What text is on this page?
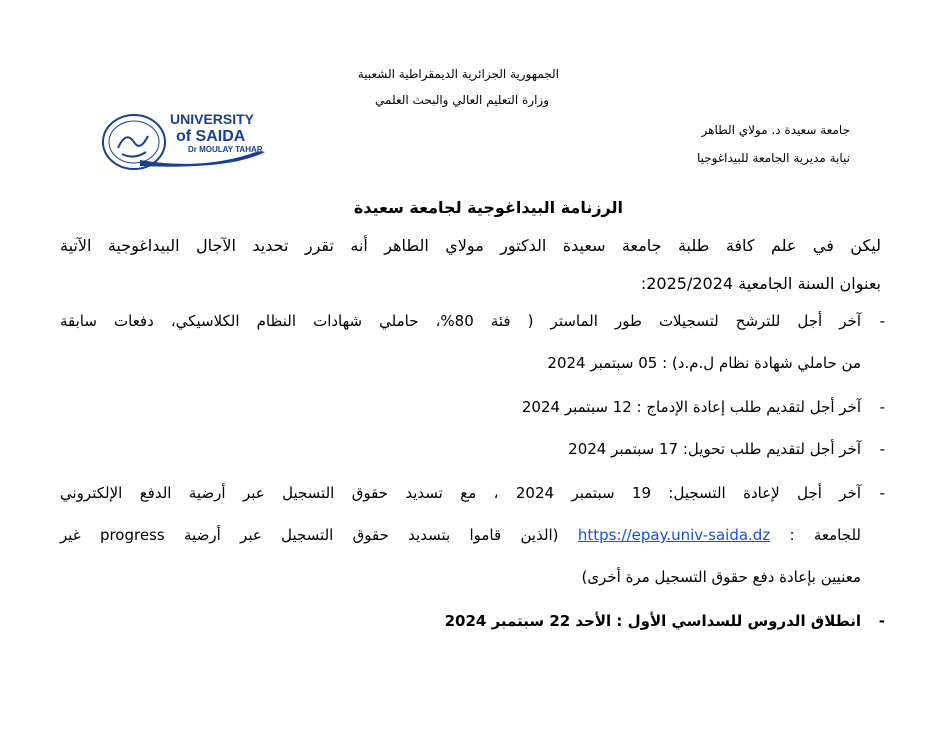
الجمهورية الجزائرية الديمقراطية الشعبية
وزارة التعليم العالي والبحث العلمي
جامعة سعيدة د. مولاي الطاهر
نيابة مديرية الجامعة للبيداغوجيا
UNIVERSITY
of SAIDA
Dr MOULAY TAHAR
الرزنامة البيداغوجية لجامعة سعيدة
ليكن في علم كافة طلبة جامعة سعيدة الدكتور مولاي الطاهر أنه تقرر تحديد الآجال البيداغوجية الآتية
بعنوان السنة الجامعية 2025/2024:
-
آخر أجل للترشح لتسجيلات طور الماستر ( فئة 80%، حاملي شهادات النظام الكلاسيكي، دفعات سابقة
من حاملي شهادة نظام ل.م.د) : 05 سبتمبر 2024
-
آخر أجل لتقديم طلب إعادة الإدماج : 12 سبتمبر 2024
-
آخر أجل لتقديم طلب تحويل: 17 سبتمبر 2024
-
آخر أجل لإعادة التسجيل: 19 سبتمبر 2024 ، مع تسديد حقوق التسجيل عبر أرضية الدفع الإلكتروني
للجامعة : https://epay.univ-saida.dz (الذين قاموا بتسديد حقوق التسجيل عبر أرضية progress غير
معنيين بإعادة دفع حقوق التسجيل مرة أخرى)
-
انطلاق الدروس للسداسي الأول : الأحد 22 سبتمبر 2024
